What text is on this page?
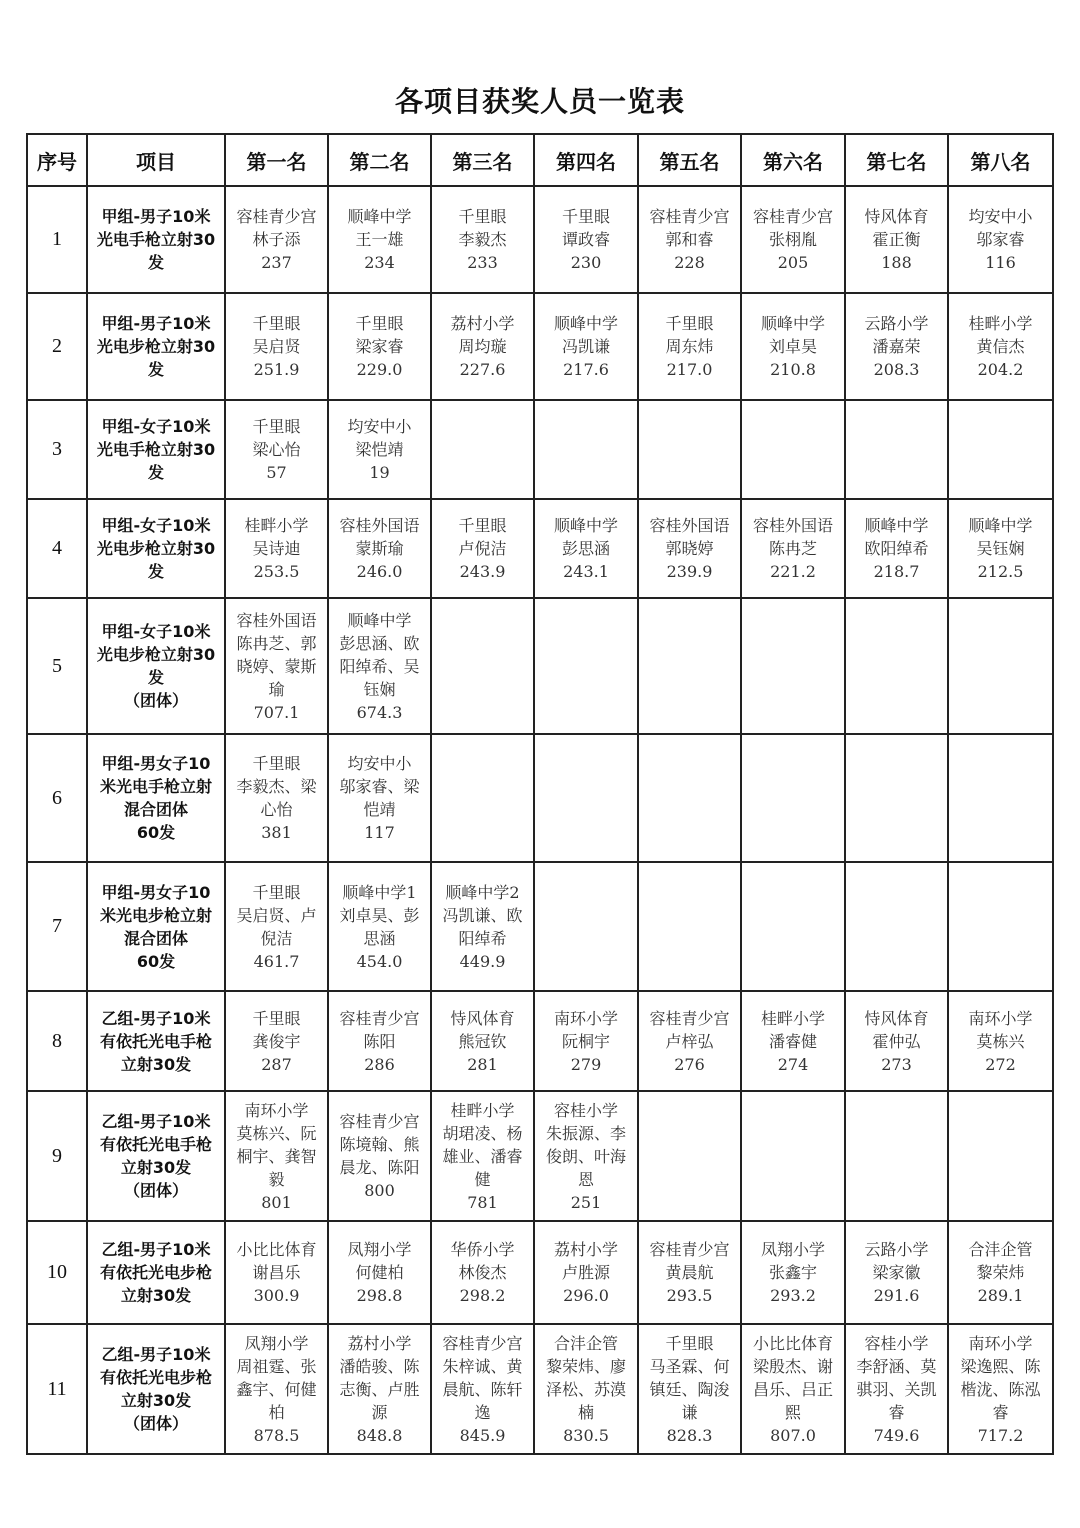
各项目获奖人员一览表
序号	项目	第一名	第二名	第三名	第四名	第五名	第六名	第七名	第八名
1	甲组-男子10米
光电手枪立射30
发	容桂青少宫
林子添
237	顺峰中学
王一雄
234	千里眼
李毅杰
233	千里眼
谭政睿
230	容桂青少宫
郭和睿
228	容桂青少宫
张栩胤
205	恃风体育
霍正衡
188	均安中小
邬家睿
116

2	甲组-男子10米
光电步枪立射30
发	千里眼
吴启贤
251.9	千里眼
梁家睿
229.0	荔村小学
周均璇
227.6	顺峰中学
冯凯谦
217.6	千里眼
周东炜
217.0	顺峰中学
刘卓昊
210.8	云路小学
潘嘉荣
208.3	桂畔小学
黄信杰
204.2

3	甲组-女子10米
光电手枪立射30
发	千里眼
梁心怡
57	均安中小
梁恺靖
19						

4	甲组-女子10米
光电步枪立射30
发	桂畔小学
吴诗迪
253.5	容桂外国语
蒙斯瑜
246.0	千里眼
卢倪洁
243.9	顺峰中学
彭思涵
243.1	容桂外国语
郭晓婷
239.9	容桂外国语
陈冉芝
221.2	顺峰中学
欧阳绰希
218.7	顺峰中学
吴钰娴
212.5

5	甲组-女子10米
光电步枪立射30
发
（团体）	容桂外国语
陈冉芝、郭
晓婷、蒙斯
瑜
707.1	顺峰中学
彭思涵、欧
阳绰希、吴
钰娴
674.3						

6	甲组-男女子10
米光电手枪立射
混合团体
60发	千里眼
李毅杰、梁
心怡
381	均安中小
邬家睿、梁
恺靖
117						

7	甲组-男女子10
米光电步枪立射
混合团体
60发	千里眼
吴启贤、卢
倪洁
461.7	顺峰中学1
刘卓昊、彭
思涵
454.0	顺峰中学2
冯凯谦、欧
阳绰希
449.9					

8	乙组-男子10米
有依托光电手枪
立射30发	千里眼
龚俊宇
287	容桂青少宫
陈阳
286	恃风体育
熊冠钦
281	南环小学
阮桐宇
279	容桂青少宫
卢梓弘
276	桂畔小学
潘睿健
274	恃风体育
霍仲弘
273	南环小学
莫栋兴
272

9	乙组-男子10米
有依托光电手枪
立射30发
（团体）	南环小学
莫栋兴、阮
桐宇、龚智
毅
801	容桂青少宫
陈境翰、熊
晨龙、陈阳
800	桂畔小学
胡珺凌、杨
雄业、潘睿
健
781	容桂小学
朱振源、李
俊朗、叶海
恩
251				

10	乙组-男子10米
有依托光电步枪
立射30发	小比比体育
谢昌乐
300.9	凤翔小学
何健柏
298.8	华侨小学
林俊杰
298.2	荔村小学
卢胜源
296.0	容桂青少宫
黄晨航
293.5	凤翔小学
张鑫宇
293.2	云路小学
梁家徽
291.6	合沣企管
黎荣炜
289.1

11	乙组-男子10米
有依托光电步枪
立射30发
（团体）	凤翔小学
周祖霆、张
鑫宇、何健
柏
878.5	荔村小学
潘皓骏、陈
志衡、卢胜
源
848.8	容桂青少宫
朱梓诚、黄
晨航、陈轩
逸
845.9	合沣企管
黎荣炜、廖
泽松、苏漠
楠
830.5	千里眼
马圣霖、何
镇廷、陶浚
谦
828.3	小比比体育
梁殷杰、谢
昌乐、吕正
熙
807.0	容桂小学
李舒涵、莫
骐羽、关凯
睿
749.6	南环小学
梁逸熙、陈
楷泷、陈泓
睿
717.2
